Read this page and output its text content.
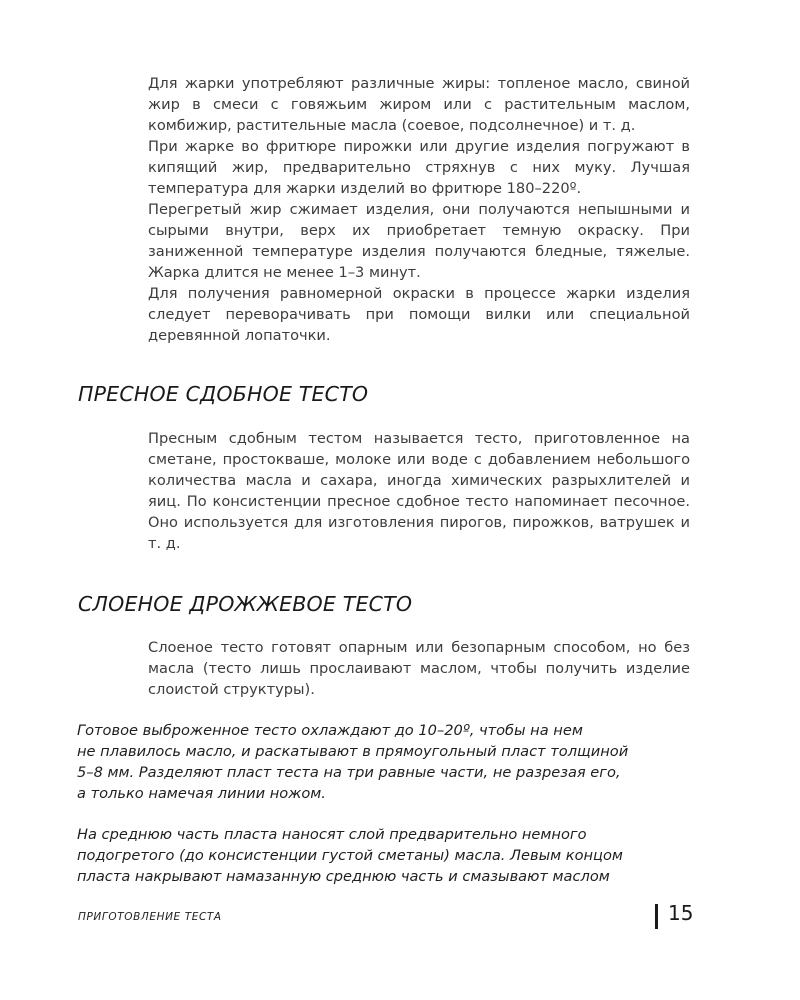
Для жарки употребляют различные жиры: топленое масло, свиной жир в смеси с говяжьим жиром или с растительным маслом, комбижир, растительные масла (соевое, подсолнечное) и т. д.

При жарке во фритюре пирожки или другие изделия погружают в кипящий жир, предварительно стряхнув с них муку. Лучшая температура для жарки изделий во фритюре 180–220º.

Перегретый жир сжимает изделия, они получаются непышными и сырыми внутри, верх их приобретает темную окраску. При заниженной температуре изделия получаются бледные, тяжелые. Жарка длится не менее 1–3 минут.

Для получения равномерной окраски в процессе жарки изделия следует переворачивать при помощи вилки или специальной деревянной лопаточки.

ПРЕСНОЕ СДОБНОЕ ТЕСТО

Пресным сдобным тестом называется тесто, приготовленное на сметане, простокваше, молоке или воде с добавлением небольшого количества масла и сахара, иногда химических разрыхлителей и яиц. По консистенции пресное сдобное тесто напоминает песочное. Оно используется для изготовления пирогов, пирожков, ватрушек и т. д.

СЛОЕНОЕ ДРОЖЖЕВОЕ ТЕСТО

Слоеное тесто готовят опарным или безопарным способом, но без масла (тесто лишь прослаивают маслом, чтобы получить изделие слоистой структуры).

Готовое выброженное тесто охлаждают до 10–20º, чтобы на нем
не плавилось масло, и раскатывают в прямоугольный пласт толщиной
5–8 мм. Разделяют пласт теста на три равные части, не разрезая его,
а только намечая линии ножом.
На среднюю часть пласта наносят слой предварительно немного
подогретого (до консистенции густой сметаны) масла. Левым концом
пласта накрывают намазанную среднюю часть и смазывают маслом
ПРИГОТОВЛЕНИЕ ТЕСТА	15
